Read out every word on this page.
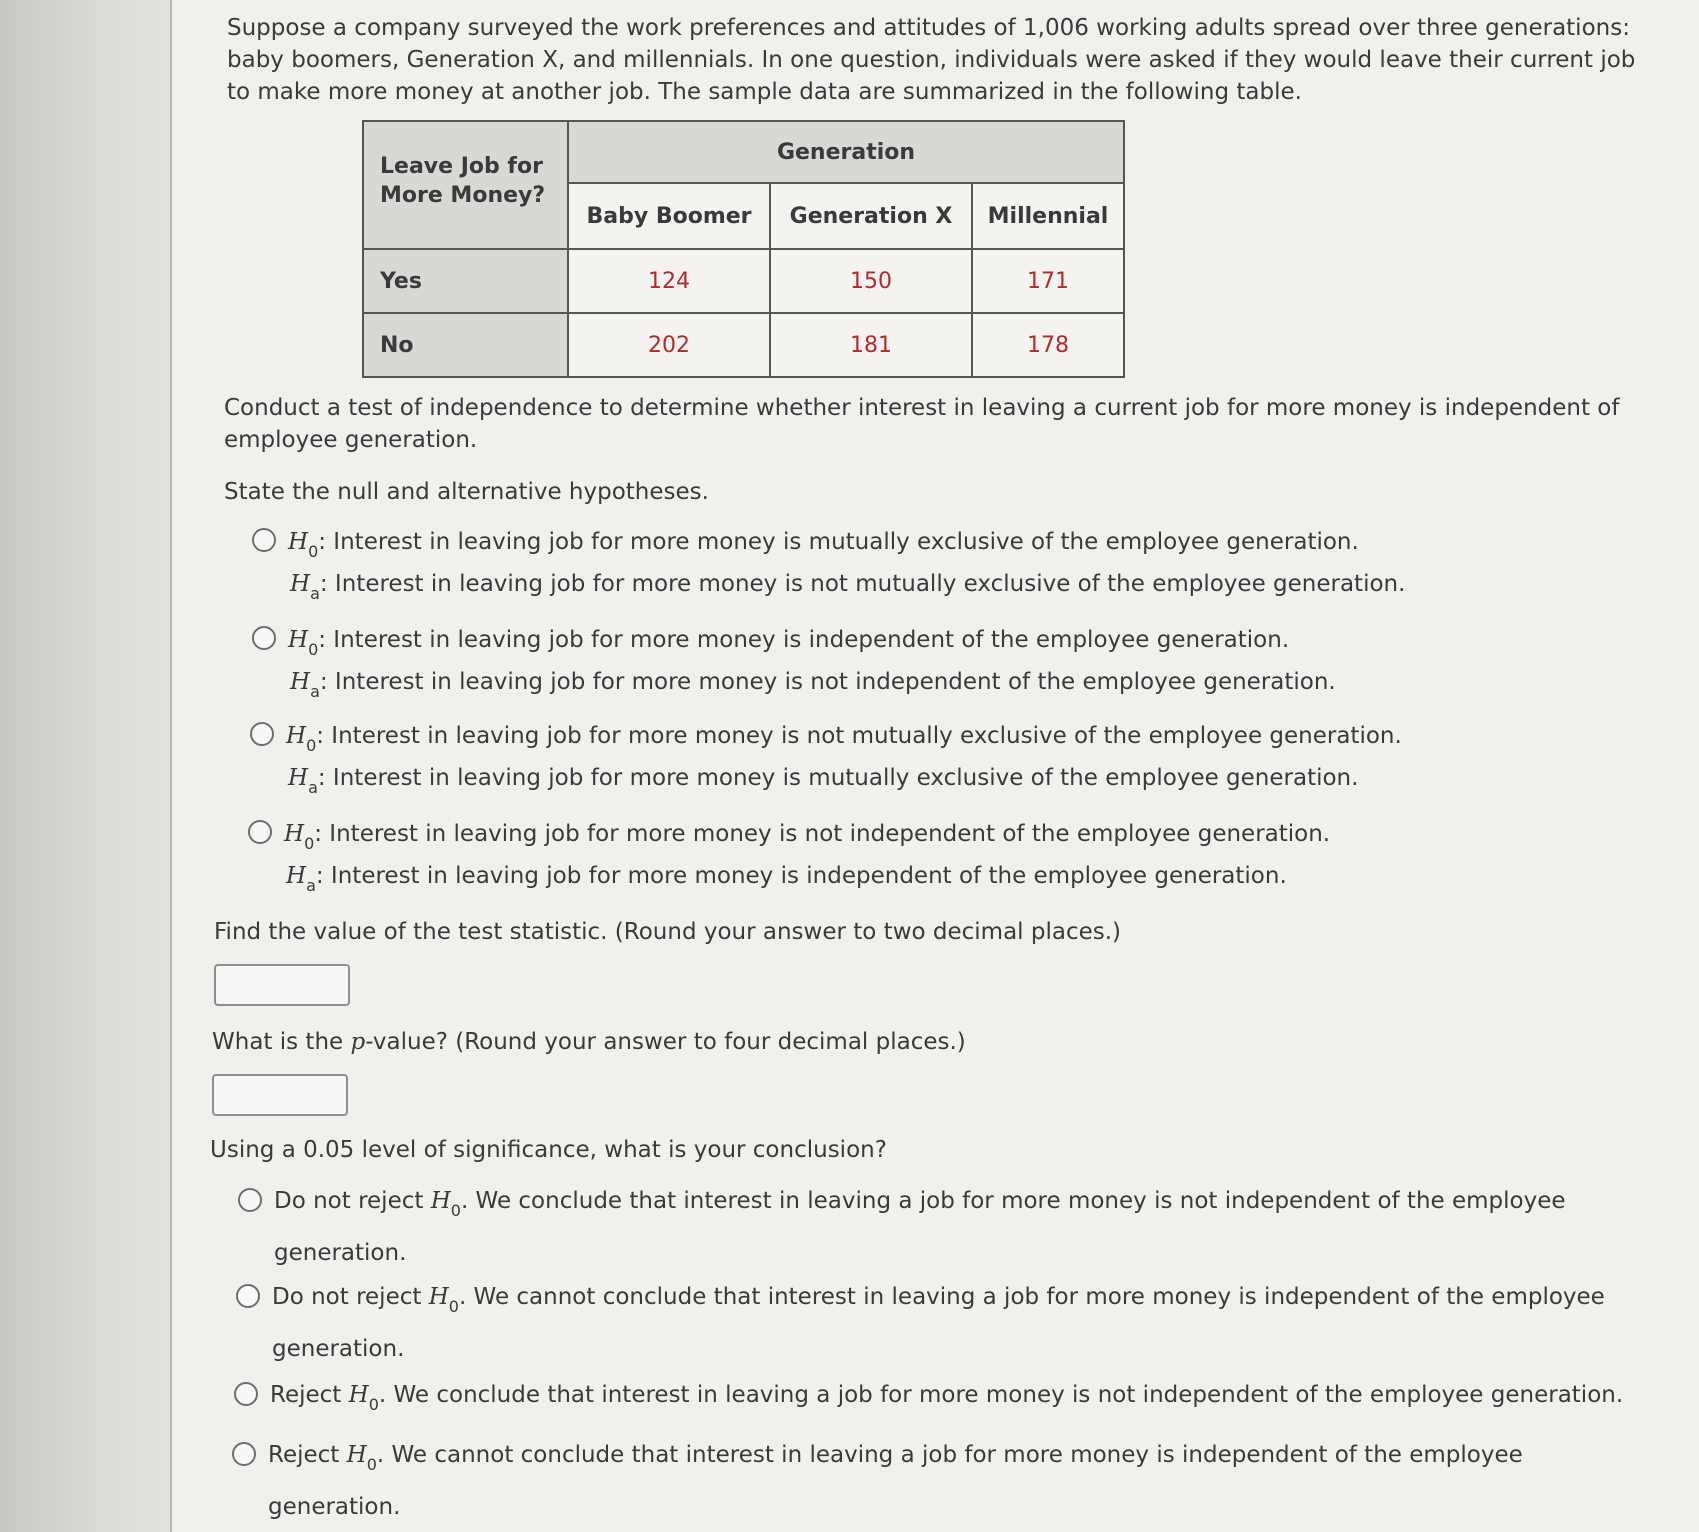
Suppose a company surveyed the work preferences and attitudes of 1,006 working adults spread over three generations: baby boomers, Generation X, and millennials. In one question, individuals were asked if they would leave their current job to make more money at another job. The sample data are summarized in the following table.
Leave Job for
More Money?	Generation		
	Baby Boomer	Generation X	Millennial
Yes	124	150	171
No	202	181	178
Conduct a test of independence to determine whether interest in leaving a current job for more money is independent of employee generation.
State the null and alternative hypotheses.
H 0 : Interest in leaving job for more money is mutually exclusive of the employee generation.
H a : Interest in leaving job for more money is not mutually exclusive of the employee generation.
H 0 : Interest in leaving job for more money is independent of the employee generation.
H a : Interest in leaving job for more money is not independent of the employee generation.
H 0 : Interest in leaving job for more money is not mutually exclusive of the employee generation.
H a : Interest in leaving job for more money is mutually exclusive of the employee generation.
H 0 : Interest in leaving job for more money is not independent of the employee generation.
H a : Interest in leaving job for more money is independent of the employee generation.
Find the value of the test statistic. (Round your answer to two decimal places.)
What is the p-value? (Round your answer to four decimal places.)
Using a 0.05 level of significance, what is your conclusion?
Do not reject $H_0$. We conclude that interest in leaving a job for more money is not independent of the employee generation.
Do not reject $H_0$. We cannot conclude that interest in leaving a job for more money is independent of the employee generation.
Reject $H_0$. We conclude that interest in leaving a job for more money is not independent of the employee generation.
Reject $H_0$. We cannot conclude that interest in leaving a job for more money is independent of the employee generation.
